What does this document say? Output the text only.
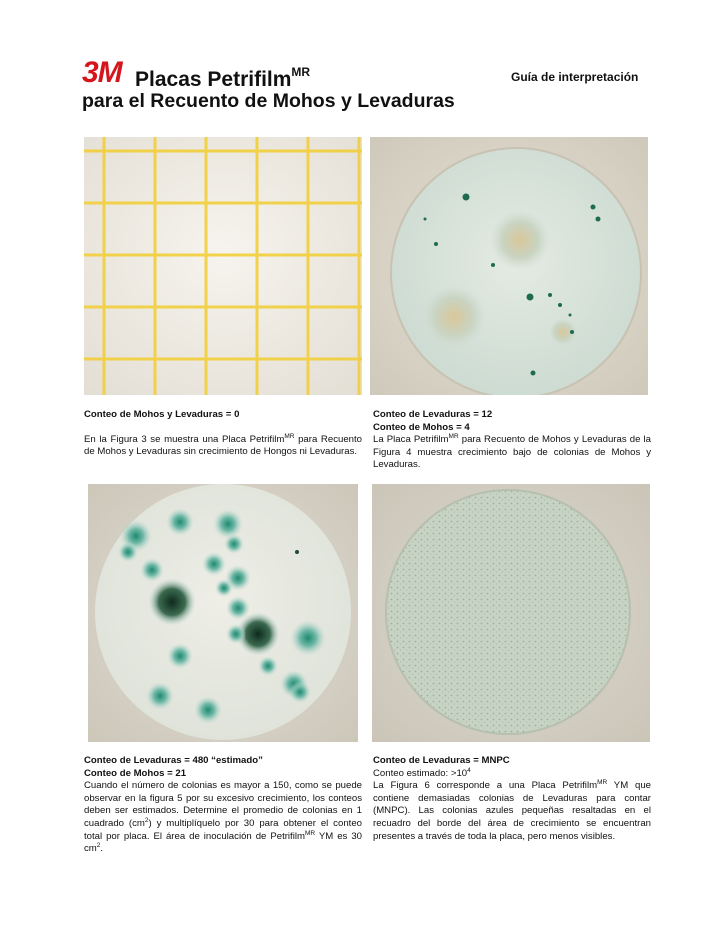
3M Placas Petrifilm$^{MR}$	Guía de interpretación
para el Recuento de Mohos y Levaduras
Conteo de Mohos y Levaduras = 0

En la Figura 3 se muestra una Placa Petrifilm$^{MR}$ para Recuento de Mohos y Levaduras sin crecimiento de Hongos ni Levaduras.

Conteo de Levaduras = 12
Conteo de Mohos = 4

La Placa Petrifilm$^{MR}$ para Recuento de Mohos y Levaduras de la Figura 4 muestra crecimiento bajo de colonias de Mohos y Levaduras.

Conteo de Levaduras = 480 “estimado”
Conteo de Mohos = 21

Cuando el número de colonias es mayor a 150, como se puede observar en la figura 5 por su excesivo crecimiento, los conteos deben ser estimados. Determine el promedio de colonias en 1 cuadrado $(cm^2)$ y multiplíquelo por 30 para obtener el conteo total por placa. El área de inoculación de Petrifilm$^{MR}$ YM es 30 $cm^2$.

Conteo de Levaduras = MNPC
Conteo estimado: $>10^4$

La Figura 6 corresponde a una Placa Petrifilm$^{MR}$ YM que contiene demasiadas colonias de Levaduras para contar (MNPC). Las colonias azules pequeñas resaltadas en el recuadro del borde del área de crecimiento se encuentran presentes a través de toda la placa, pero menos visibles.
